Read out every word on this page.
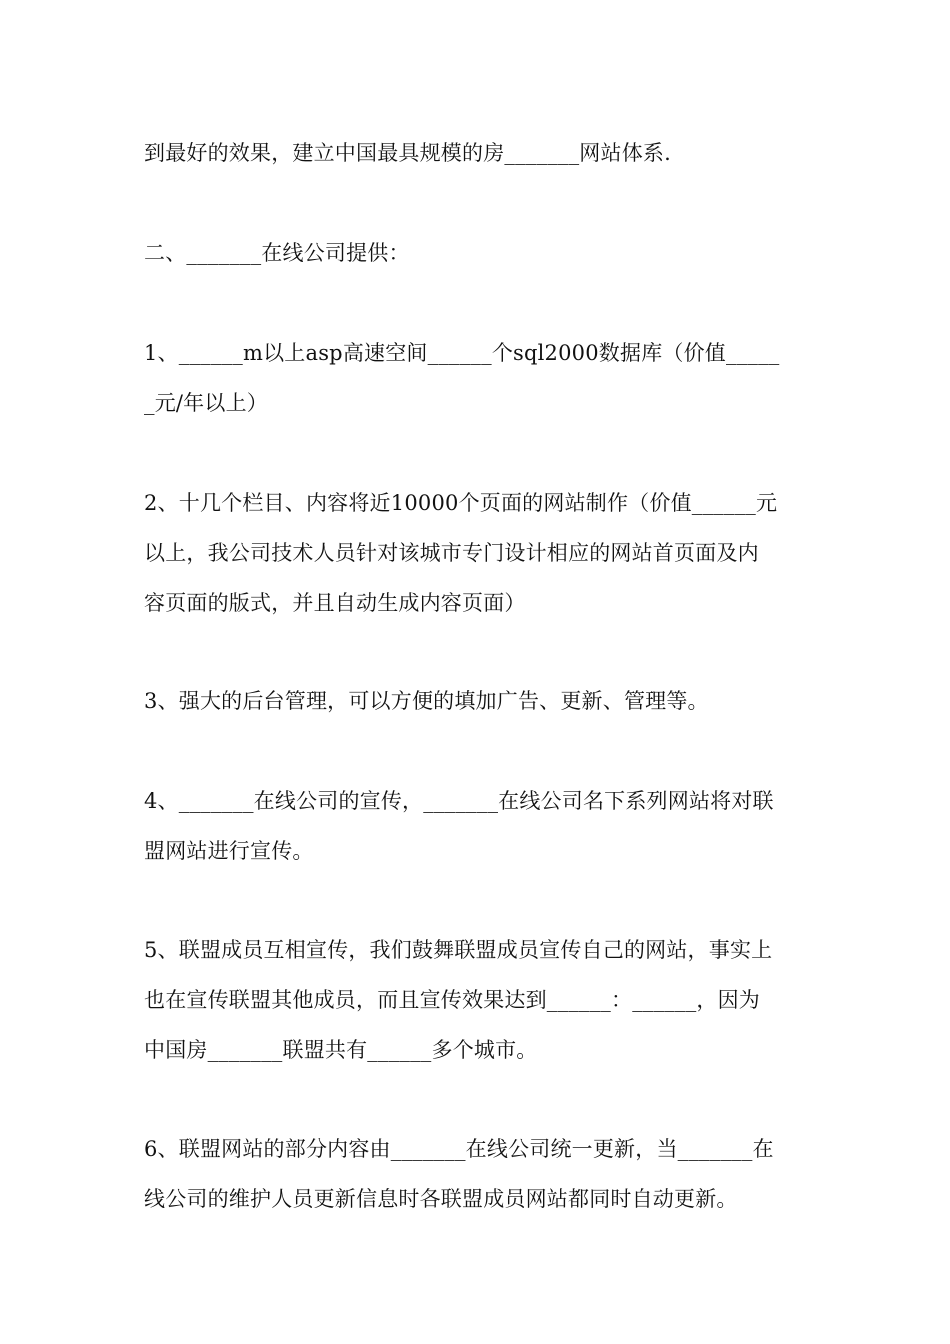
到最好的效果，建立中国最具规模的房_______网站体系.
二、_______在线公司提供：
1、______m以上asp高速空间______个sql2000数据库（价值_____
_元/年以上）
2、十几个栏目、内容将近10000个页面的网站制作（价值______元
以上，我公司技术人员针对该城市专门设计相应的网站首页面及内
容页面的版式，并且自动生成内容页面）
3、强大的后台管理，可以方便的填加广告、更新、管理等。
4、_______在线公司的宣传，_______在线公司名下系列网站将对联
盟网站进行宣传。
5、联盟成员互相宣传，我们鼓舞联盟成员宣传自己的网站，事实上
也在宣传联盟其他成员，而且宣传效果达到______：______，因为
中国房_______联盟共有______多个城市。
6、联盟网站的部分内容由_______在线公司统一更新，当_______在
线公司的维护人员更新信息时各联盟成员网站都同时自动更新。
